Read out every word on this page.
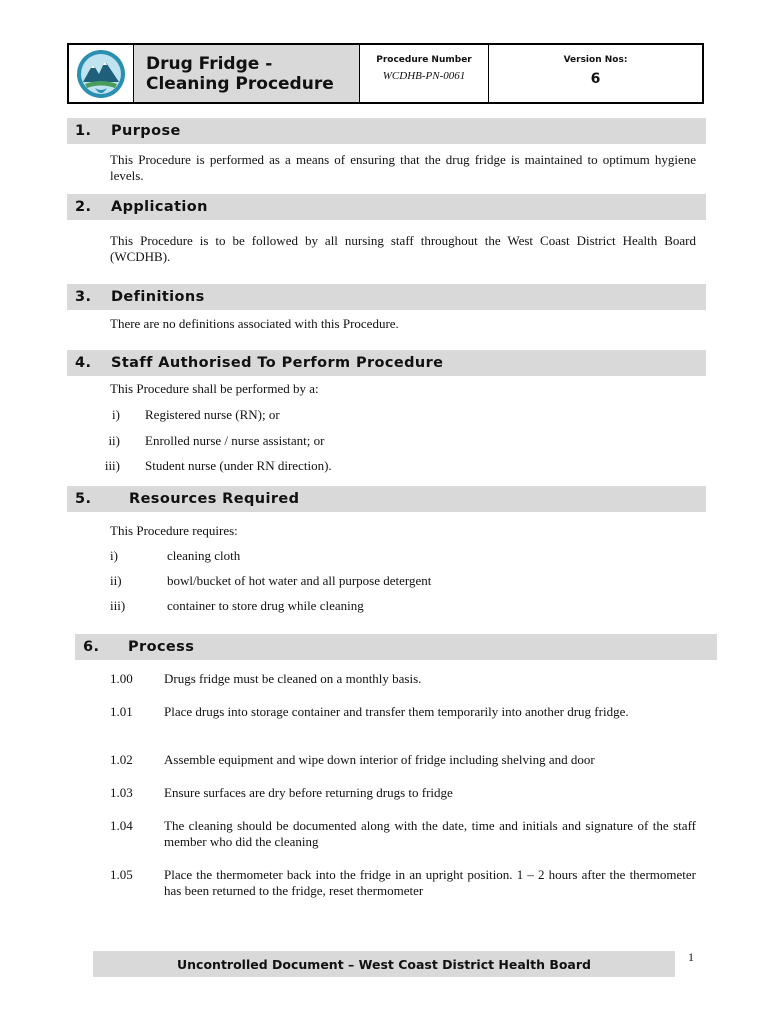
Drug Fridge - Cleaning Procedure
Procedure Number
WCDHB-PN-0061
Version Nos:
6
1.	Purpose
This Procedure is performed as a means of ensuring that the drug fridge is maintained to optimum hygiene levels.
2.	Application
This Procedure is to be followed by all nursing staff throughout the West Coast District Health Board (WCDHB).
3.	Definitions
There are no definitions associated with this Procedure.
4.	Staff Authorised To Perform Procedure
This Procedure shall be performed by a:
i) Registered nurse (RN); or
ii) Enrolled nurse / nurse assistant; or
iii) Student nurse (under RN direction).
5.	Resources Required
This Procedure requires:
i)	cleaning cloth
ii)	bowl/bucket of hot water and all purpose detergent
iii)	container to store drug while cleaning
6.	Process
1.00 Drugs fridge must be cleaned on a monthly basis.
1.01 Place drugs into storage container and transfer them temporarily into another drug fridge.
1.02 Assemble equipment and wipe down interior of fridge including shelving and door
1.03 Ensure surfaces are dry before returning drugs to fridge
1.04 The cleaning should be documented along with the date, time and initials and signature of the staff member who did the cleaning
1.05 Place the thermometer back into the fridge in an upright position. 1 – 2 hours after the thermometer has been returned to the fridge, reset thermometer
Uncontrolled Document – West Coast District Health Board	1
